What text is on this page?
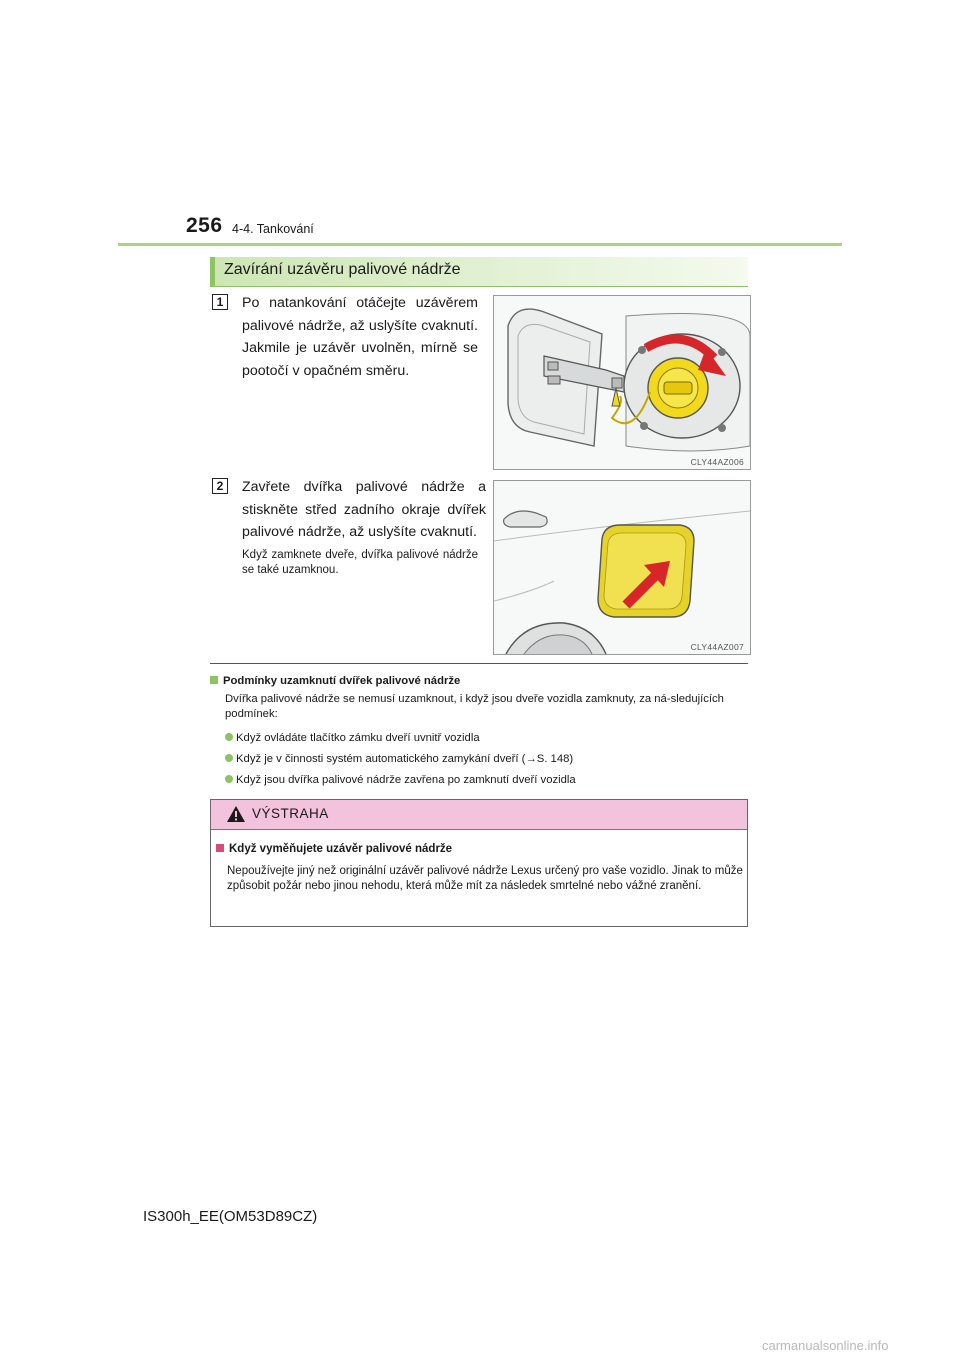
256 4-4. Tankování
Zavírání uzávěru palivové nádrže
1	Po natankování otáčejte uzávěrem palivové nádrže, až uslyšíte cvaknutí. Jakmile je uzávěr uvolněn, mírně se pootočí v opačném směru.
CLY44AZ006
2	Zavřete dvířka palivové nádrže a stiskněte střed zadního okraje dvířek palivové nádrže, až uslyšíte cvaknutí.
Když zamknete dveře, dvířka palivové nádrže se také uzamknou.
CLY44AZ007
Podmínky uzamknutí dvířek palivové nádrže
Dvířka palivové nádrže se nemusí uzamknout, i když jsou dveře vozidla zamknuty, za ná-sledujících podmínek:
Když ovládáte tlačítko zámku dveří uvnitř vozidla
Když je v činnosti systém automatického zamykání dveří (→S. 148)
Když jsou dvířka palivové nádrže zavřena po zamknutí dveří vozidla
VÝSTRAHA
Když vyměňujete uzávěr palivové nádrže
Nepoužívejte jiný než originální uzávěr palivové nádrže Lexus určený pro vaše vozidlo. Jinak to může způsobit požár nebo jinou nehodu, která může mít za následek smrtelné nebo vážné zranění.
IS300h_EE(OM53D89CZ)
carmanualsonline.info
